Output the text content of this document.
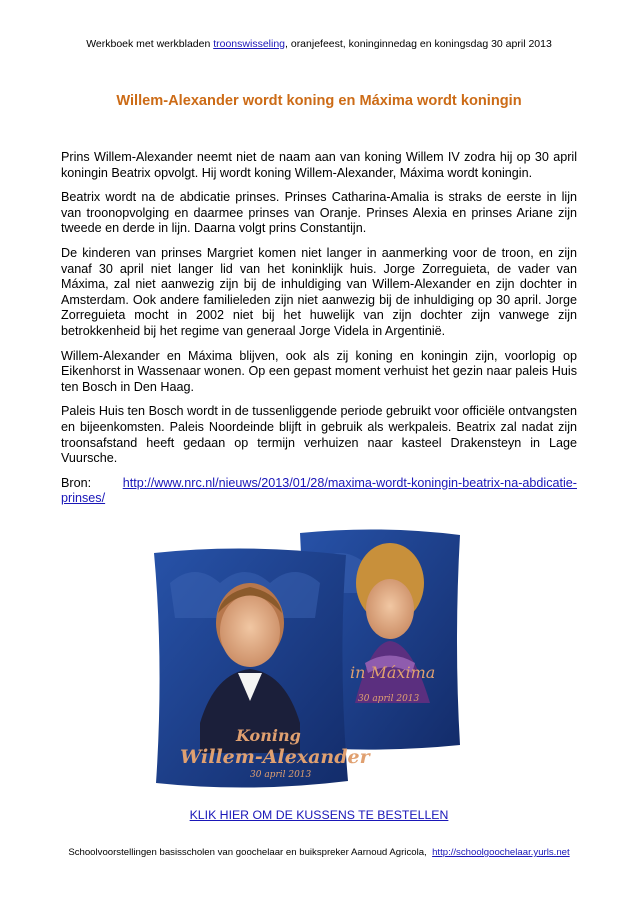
Werkboek met werkbladen troonswisseling, oranjefeest, koninginnedag en koningsdag 30 april 2013
Willem-Alexander wordt koning en Máxima wordt koningin

Prins Willem-Alexander neemt niet de naam aan van koning Willem IV zodra hij op 30 april koningin Beatrix opvolgt. Hij wordt koning Willem-Alexander, Máxima wordt koningin.

Beatrix wordt na de abdicatie prinses. Prinses Catharina-Amalia is straks de eerste in lijn van troonopvolging en daarmee prinses van Oranje. Prinses Alexia en prinses Ariane zijn tweede en derde in lijn. Daarna volgt prins Constantijn.

De kinderen van prinses Margriet komen niet langer in aanmerking voor de troon, en zijn vanaf 30 april niet langer lid van het koninklijk huis. Jorge Zorreguieta, de vader van Máxima, zal niet aanwezig zijn bij de inhuldiging van Willem-Alexander en zijn dochter in Amsterdam. Ook andere familieleden zijn niet aanwezig bij de inhuldiging op 30 april. Jorge Zorreguieta mocht in 2002 niet bij het huwelijk van zijn dochter zijn vanwege zijn betrokkenheid bij het regime van generaal Jorge Videla in Argentinië.

Willem-Alexander en Máxima blijven, ook als zij koning en koningin zijn, voorlopig op Eikenhorst in Wassenaar wonen. Op een gepast moment verhuist het gezin naar paleis Huis ten Bosch in Den Haag.

Paleis Huis ten Bosch wordt in de tussenliggende periode gebruikt voor officiële ontvangsten en bijeenkomsten. Paleis Noordeinde blijft in gebruik als werkpaleis. Beatrix zal nadat zijn troonsafstand heeft gedaan op termijn verhuizen naar kasteel Drakensteyn in Lage Vuursche.

Bron:	http://www.nrc.nl/nieuws/2013/01/28/maxima-wordt-koningin-beatrix-na-abdicatie-prinses/

in Máxima
30 april 2013
Koning
Willem-Alexander
30 april 2013
KLIK HIER OM DE KUSSENS TE BESTELLEN
Schoolvoorstellingen basisscholen van goochelaar en buikspreker Aarnoud Agricola, http://schoolgoochelaar.yurls.net
